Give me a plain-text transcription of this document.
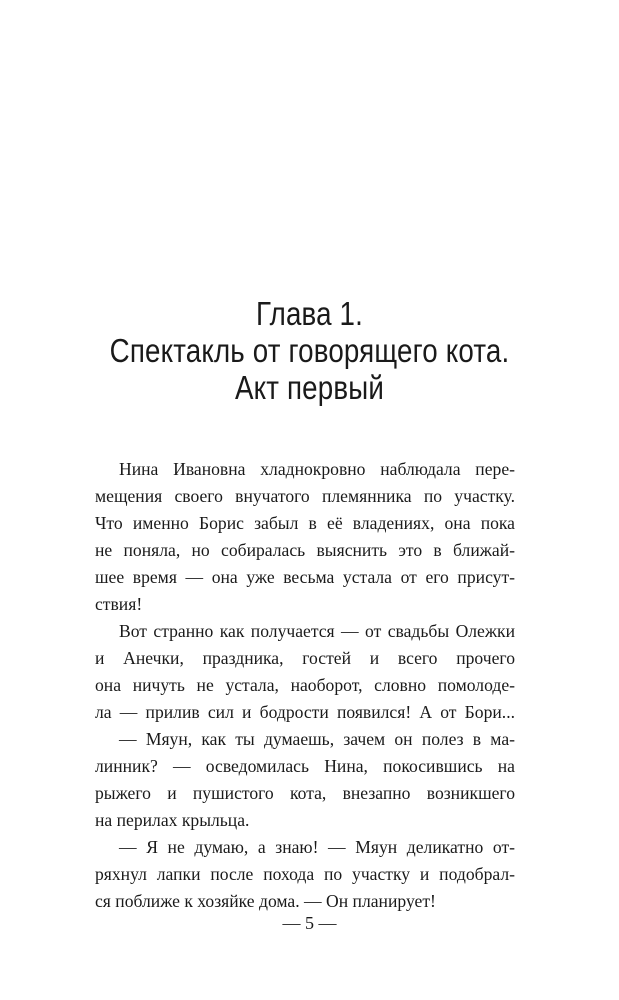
Глава 1.
Спектакль от говорящего кота.
Акт первый
Нина Ивановна хладнокровно наблюдала пере-
мещения своего внучатого племянника по участку.
Что именно Борис забыл в её владениях, она пока
не поняла, но собиралась выяснить это в ближай-
шее время — она уже весьма устала от его присут-
ствия!
Вот странно как получается — от свадьбы Олежки
и Анечки, праздника, гостей и всего прочего
она ничуть не устала, наоборот, словно помолоде-
ла — прилив сил и бодрости появился! А от Бори...
— Мяун, как ты думаешь, зачем он полез в ма-
линник? — осведомилась Нина, покосившись на
рыжего и пушистого кота, внезапно возникшего
на перилах крыльца.
— Я не думаю, а знаю! — Мяун деликатно от-
ряхнул лапки после похода по участку и подобрал-
ся поближе к хозяйке дома. — Он планирует!
— 5 —
